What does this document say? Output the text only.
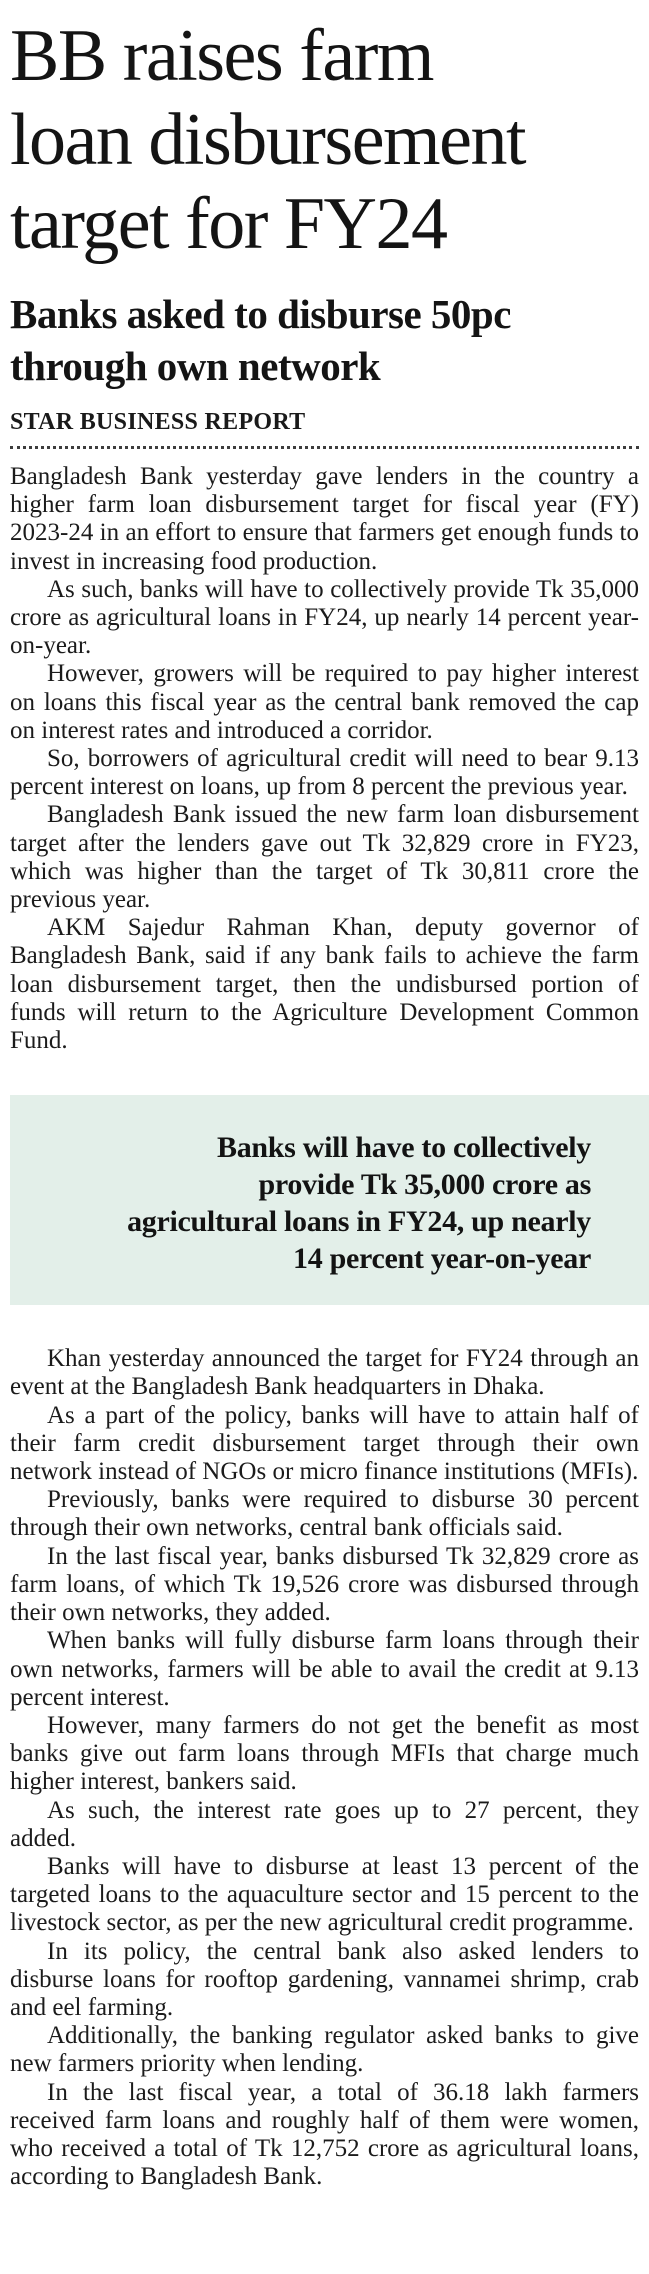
BB raises farm
loan disbursement
target for FY24
Banks asked to disburse 50pc
through own network
STAR BUSINESS REPORT

Bangladesh Bank yesterday gave lenders in the country a higher farm loan disbursement target for fiscal year (FY) 2023-24 in an effort to ensure that farmers get enough funds to invest in increasing food production.

As such, banks will have to collectively provide Tk 35,000 crore as agricultural loans in FY24, up nearly 14 percent year-on-year.

However, growers will be required to pay higher interest on loans this fiscal year as the central bank removed the cap on interest rates and introduced a corridor.

So, borrowers of agricultural credit will need to bear 9.13 percent interest on loans, up from 8 percent the previous year.

Bangladesh Bank issued the new farm loan disbursement target after the lenders gave out Tk 32,829 crore in FY23, which was higher than the target of Tk 30,811 crore the previous year.

AKM Sajedur Rahman Khan, deputy governor of Bangladesh Bank, said if any bank fails to achieve the farm loan disbursement target, then the undisbursed portion of funds will return to the Agriculture Development Common Fund.

Banks will have to collectively
provide Tk 35,000 crore as
agricultural loans in FY24, up nearly
14 percent year-on-year

Khan yesterday announced the target for FY24 through an event at the Bangladesh Bank headquarters in Dhaka.

As a part of the policy, banks will have to attain half of their farm credit disbursement target through their own network instead of NGOs or micro finance institutions (MFIs).

Previously, banks were required to disburse 30 percent through their own networks, central bank officials said.

In the last fiscal year, banks disbursed Tk 32,829 crore as farm loans, of which Tk 19,526 crore was disbursed through their own networks, they added.

When banks will fully disburse farm loans through their own networks, farmers will be able to avail the credit at 9.13 percent interest.

However, many farmers do not get the benefit as most banks give out farm loans through MFIs that charge much higher interest, bankers said.

As such, the interest rate goes up to 27 percent, they added.

Banks will have to disburse at least 13 percent of the targeted loans to the aquaculture sector and 15 percent to the livestock sector, as per the new agricultural credit programme.

In its policy, the central bank also asked lenders to disburse loans for rooftop gardening, vannamei shrimp, crab and eel farming.

Additionally, the banking regulator asked banks to give new farmers priority when lending.

In the last fiscal year, a total of 36.18 lakh farmers received farm loans and roughly half of them were women, who received a total of Tk 12,752 crore as agricultural loans, according to Bangladesh Bank.
